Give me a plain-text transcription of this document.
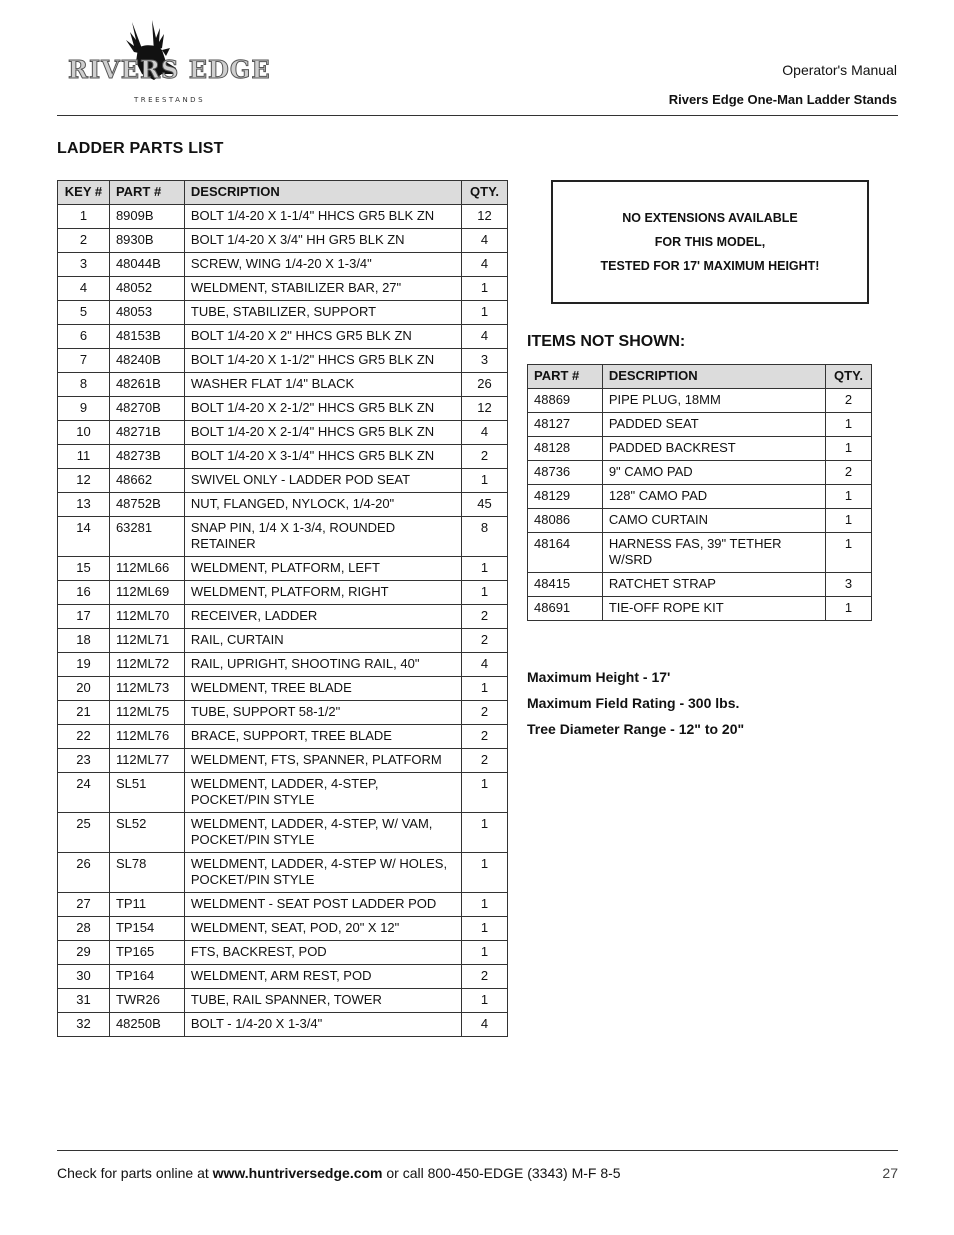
RIVERS EDGE
TREESTANDS
Operator's Manual
Rivers Edge One-Man Ladder Stands
LADDER PARTS LIST
KEY #	PART #	DESCRIPTION	QTY.
1	8909B	BOLT 1/4-20 X 1-1/4" HHCS GR5 BLK ZN	12
2	8930B	BOLT 1/4-20 X 3/4" HH GR5 BLK ZN	4
3	48044B	SCREW, WING 1/4-20 X 1-3/4"	4
4	48052	WELDMENT, STABILIZER BAR, 27"	1
5	48053	TUBE, STABILIZER, SUPPORT	1
6	48153B	BOLT 1/4-20 X 2" HHCS GR5 BLK ZN	4
7	48240B	BOLT 1/4-20 X 1-1/2" HHCS GR5 BLK ZN	3
8	48261B	WASHER FLAT 1/4" BLACK	26
9	48270B	BOLT 1/4-20 X 2-1/2" HHCS GR5 BLK ZN	12
10	48271B	BOLT 1/4-20 X 2-1/4" HHCS GR5 BLK ZN	4
11	48273B	BOLT 1/4-20 X 3-1/4" HHCS GR5 BLK ZN	2
12	48662	SWIVEL ONLY - LADDER POD SEAT	1
13	48752B	NUT, FLANGED, NYLOCK, 1/4-20"	45
14	63281	SNAP PIN, 1/4 X 1-3/4, ROUNDED RETAINER	8
15	112ML66	WELDMENT, PLATFORM, LEFT	1
16	112ML69	WELDMENT, PLATFORM, RIGHT	1
17	112ML70	RECEIVER, LADDER	2
18	112ML71	RAIL, CURTAIN	2
19	112ML72	RAIL, UPRIGHT, SHOOTING RAIL, 40"	4
20	112ML73	WELDMENT, TREE BLADE	1
21	112ML75	TUBE, SUPPORT 58-1/2"	2
22	112ML76	BRACE, SUPPORT, TREE BLADE	2
23	112ML77	WELDMENT, FTS, SPANNER, PLATFORM	2
24	SL51	WELDMENT, LADDER, 4-STEP, POCKET/PIN STYLE	1
25	SL52	WELDMENT, LADDER, 4-STEP, W/ VAM, POCKET/PIN STYLE	1
26	SL78	WELDMENT, LADDER, 4-STEP W/ HOLES, POCKET/PIN STYLE	1
27	TP11	WELDMENT - SEAT POST LADDER POD	1
28	TP154	WELDMENT, SEAT, POD, 20" X 12"	1
29	TP165	FTS, BACKREST, POD	1
30	TP164	WELDMENT, ARM REST, POD	2
31	TWR26	TUBE, RAIL SPANNER, TOWER	1
32	48250B	BOLT - 1/4-20 X 1-3/4"	4
NO EXTENSIONS AVAILABLE
FOR THIS MODEL,
TESTED FOR 17' MAXIMUM HEIGHT!
ITEMS NOT SHOWN:
PART #	DESCRIPTION	QTY.
48869	PIPE PLUG, 18MM	2
48127	PADDED SEAT	1
48128	PADDED BACKREST	1
48736	9" CAMO PAD	2
48129	128" CAMO PAD	1
48086	CAMO CURTAIN	1
48164	HARNESS FAS, 39" TETHER W/SRD	1
48415	RATCHET STRAP	3
48691	TIE-OFF ROPE KIT	1
Maximum Height - 17'
Maximum Field Rating - 300 lbs.
Tree Diameter Range - 12" to 20"
Check for parts online at www.huntriversedge.com or call 800-450-EDGE (3343) M-F 8-5	27
